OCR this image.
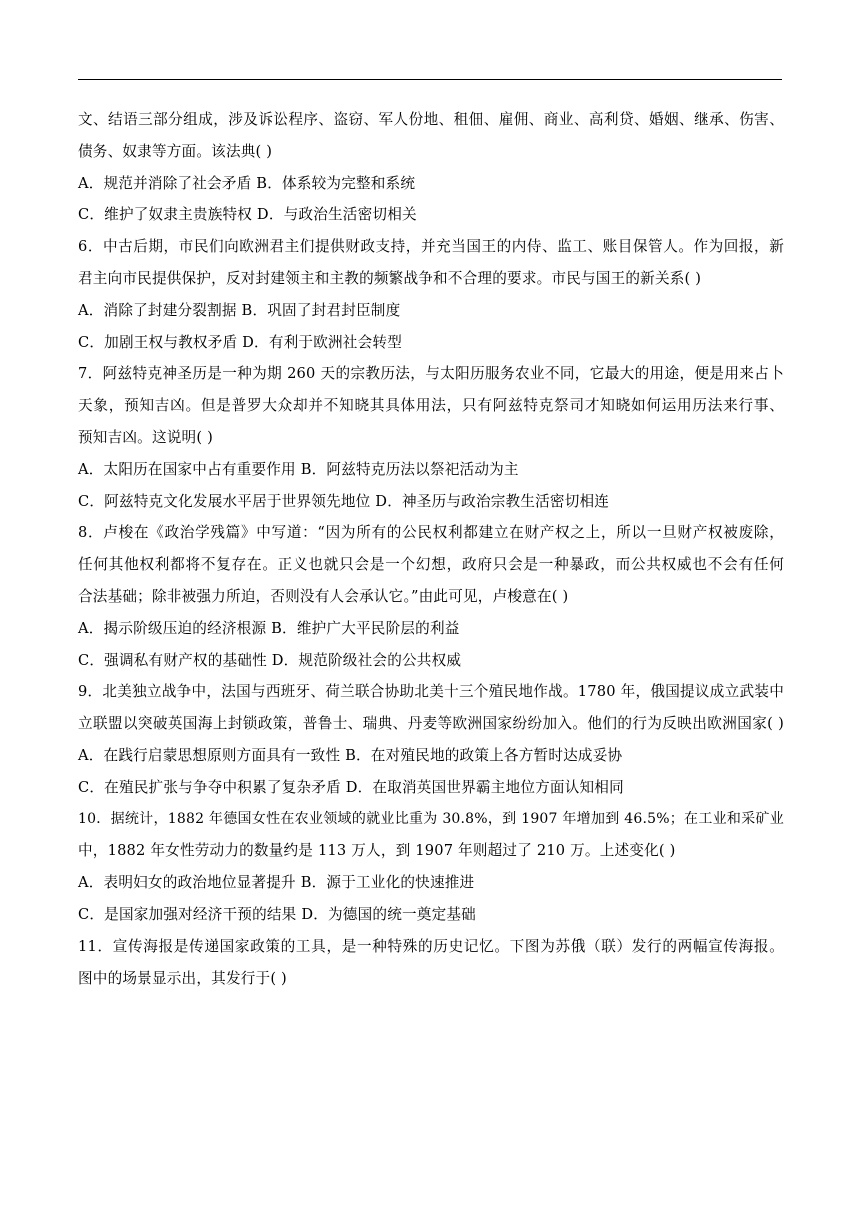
文、结语三部分组成，涉及诉讼程序、盗窃、军人份地、租佃、雇佣、商业、高利贷、婚姻、继承、伤害、
债务、奴隶等方面。该法典( )
A．规范并消除了社会矛盾 B．体系较为完整和系统
C．维护了奴隶主贵族特权 D．与政治生活密切相关
6．中古后期，市民们向欧洲君主们提供财政支持，并充当国王的内侍、监工、账目保管人。作为回报，新
君主向市民提供保护，反对封建领主和主教的频繁战争和不合理的要求。市民与国王的新关系( )
A．消除了封建分裂割据 B．巩固了封君封臣制度
C．加剧王权与教权矛盾 D．有利于欧洲社会转型
7．阿兹特克神圣历是一种为期 260 天的宗教历法，与太阳历服务农业不同，它最大的用途，便是用来占卜
天象，预知吉凶。但是普罗大众却并不知晓其具体用法，只有阿兹特克祭司才知晓如何运用历法来行事、
预知吉凶。这说明( )
A．太阳历在国家中占有重要作用 B．阿兹特克历法以祭祀活动为主
C．阿兹特克文化发展水平居于世界领先地位 D．神圣历与政治宗教生活密切相连
8．卢梭在《政治学残篇》中写道：“因为所有的公民权利都建立在财产权之上，所以一旦财产权被废除，
任何其他权利都将不复存在。正义也就只会是一个幻想，政府只会是一种暴政，而公共权威也不会有任何
合法基础；除非被强力所迫，否则没有人会承认它。”由此可见，卢梭意在( )
A．揭示阶级压迫的经济根源 B．维护广大平民阶层的利益
C．强调私有财产权的基础性 D．规范阶级社会的公共权威
9．北美独立战争中，法国与西班牙、荷兰联合协助北美十三个殖民地作战。1780 年，俄国提议成立武装中
立联盟以突破英国海上封锁政策，普鲁士、瑞典、丹麦等欧洲国家纷纷加入。他们的行为反映出欧洲国家( )
A．在践行启蒙思想原则方面具有一致性 B．在对殖民地的政策上各方暂时达成妥协
C．在殖民扩张与争夺中积累了复杂矛盾 D．在取消英国世界霸主地位方面认知相同
10．据统计，1882 年德国女性在农业领域的就业比重为 30.8%，到 1907 年增加到 46.5%；在工业和采矿业
中，1882 年女性劳动力的数量约是 113 万人，到 1907 年则超过了 210 万。上述变化( )
A．表明妇女的政治地位显著提升 B．源于工业化的快速推进
C．是国家加强对经济干预的结果 D．为德国的统一奠定基础
11．宣传海报是传递国家政策的工具，是一种特殊的历史记忆。下图为苏俄（联）发行的两幅宣传海报。
图中的场景显示出，其发行于( )
